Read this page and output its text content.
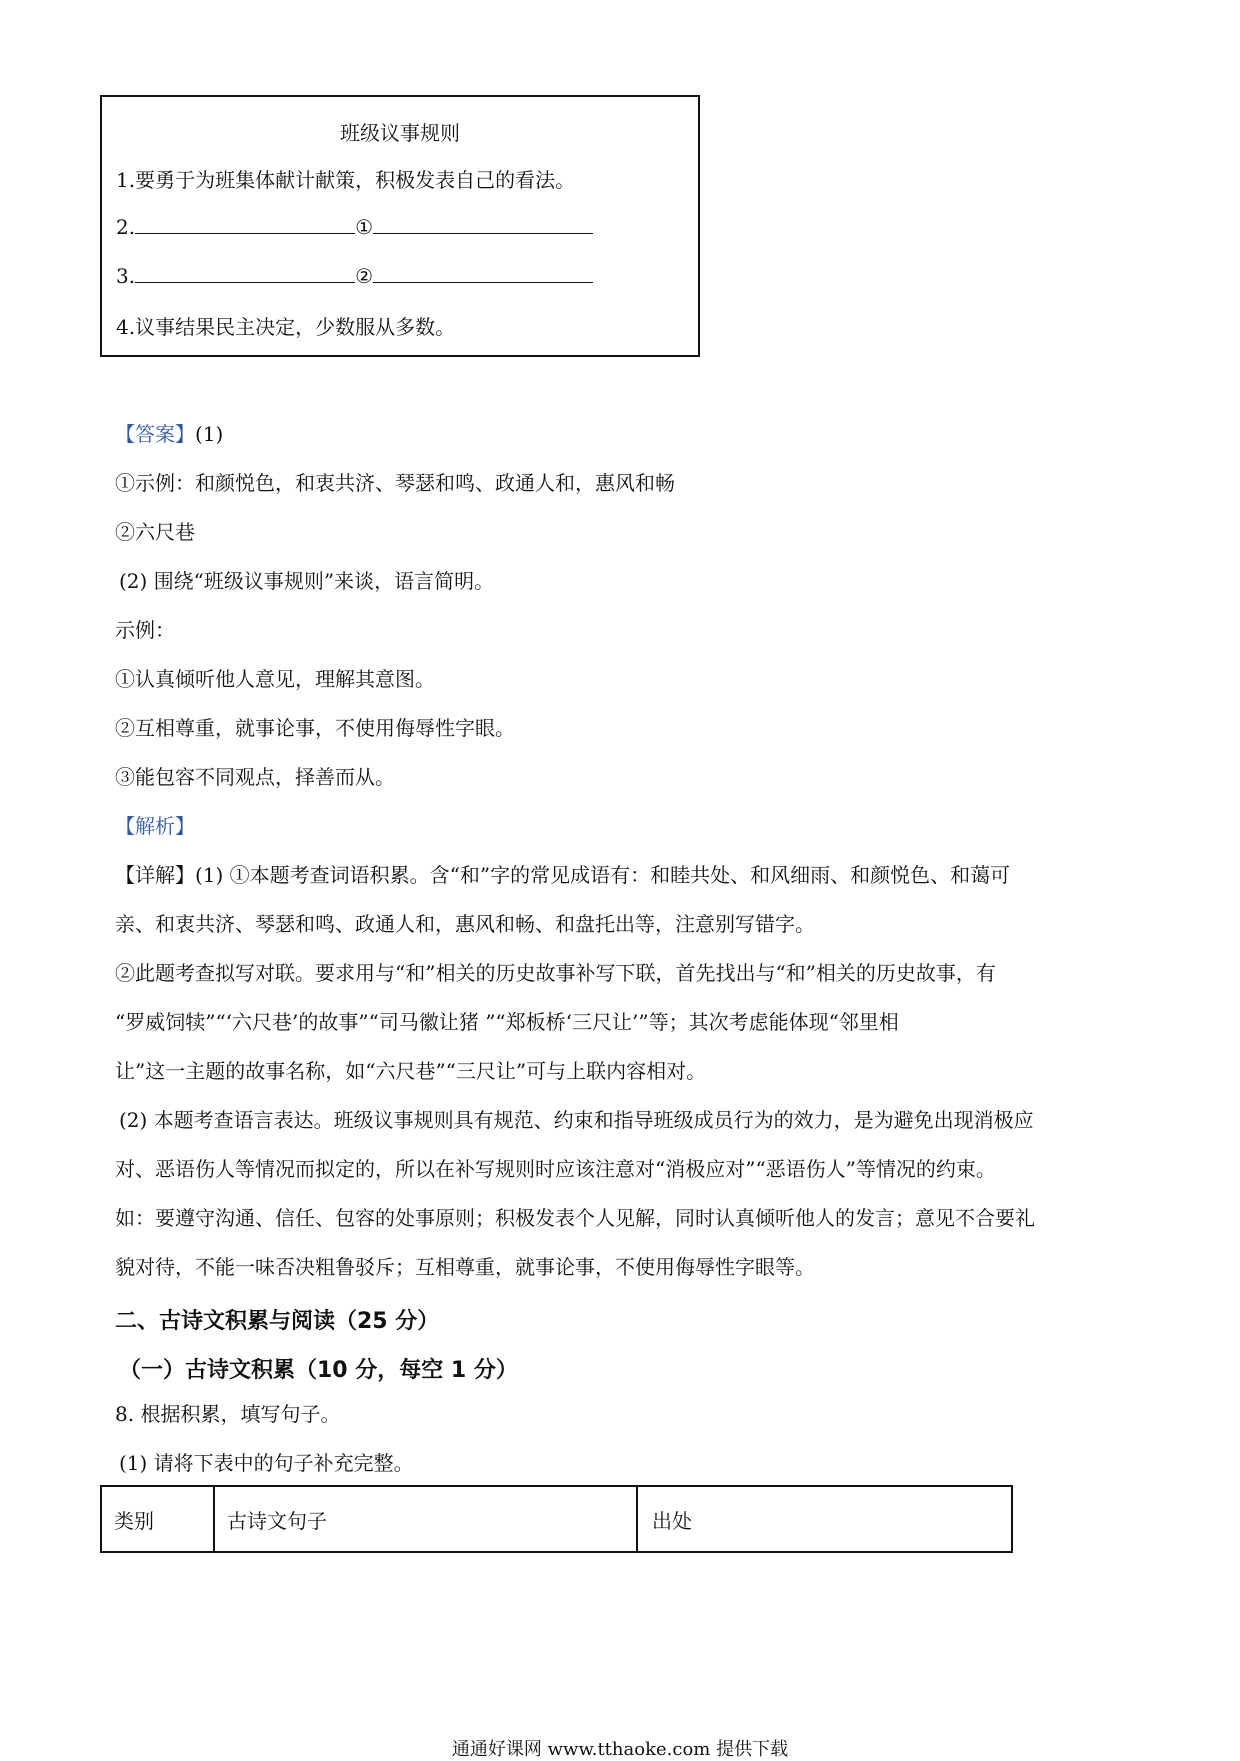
班级议事规则
1.要勇于为班集体献计献策，积极发表自己的看法。
2.	①
3.	②
4.议事结果民主决定，少数服从多数。
【答案】(1)
①示例：和颜悦色，和衷共济、琴瑟和鸣、政通人和，惠风和畅
②六尺巷
(2) 围绕“班级议事规则”来谈，语言简明。
示例：
①认真倾听他人意见，理解其意图。
②互相尊重，就事论事，不使用侮辱性字眼。
③能包容不同观点，择善而从。
【解析】
【详解】(1) ①本题考查词语积累。含“和”字的常见成语有：和睦共处、和风细雨、和颜悦色、和蔼可
亲、和衷共济、琴瑟和鸣、政通人和，惠风和畅、和盘托出等，注意别写错字。
②此题考查拟写对联。要求用与“和”相关的历史故事补写下联，首先找出与“和”相关的历史故事，有
“罗威饲犊”“‘六尺巷’的故事”“司马徽让猪 ”“郑板桥‘三尺让’”等；其次考虑能体现“邻里相
让”这一主题的故事名称，如“六尺巷”“三尺让”可与上联内容相对。
(2) 本题考查语言表达。班级议事规则具有规范、约束和指导班级成员行为的效力，是为避免出现消极应
对、恶语伤人等情况而拟定的，所以在补写规则时应该注意对“消极应对”“恶语伤人”等情况的约束。
如：要遵守沟通、信任、包容的处事原则；积极发表个人见解，同时认真倾听他人的发言；意见不合要礼
貌对待，不能一味否决粗鲁驳斥；互相尊重，就事论事，不使用侮辱性字眼等。
二、古诗文积累与阅读（25 分）
（一）古诗文积累（10 分，每空 1 分）
8. 根据积累，填写句子。
(1) 请将下表中的句子补充完整。
类别	古诗文句子	出处
通通好课网 www.tthaoke.com 提供下载
